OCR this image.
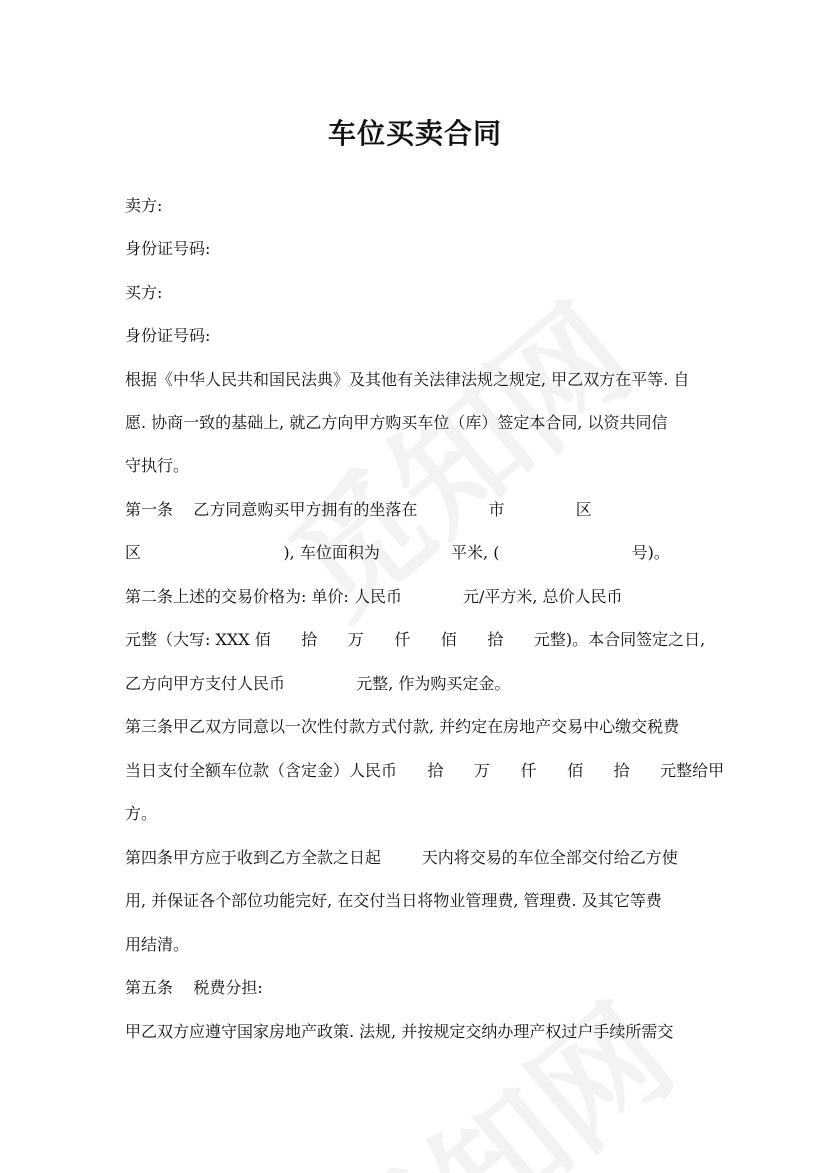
车位买卖合同
卖方:
身份证号码:
买方:
身份证号码:
根据《中华人民共和国民法典》及其他有关法律法规之规定, 甲乙双方在平等. 自
愿. 协商一致的基础上, 就乙方向甲方购买车位（库）签定本合同, 以资共同信
守执行。
第一条    乙方同意购买甲方拥有的坐落在              市              区
区                            ), 车位面积为              平米, (                          号)。
第二条上述的交易价格为: 单价: 人民币            元/平方米, 总价人民币
元整（大写: XXX 佰      拾      万      仟      佰      拾      元整)。本合同签定之日,
乙方向甲方支付人民币              元整, 作为购买定金。
第三条甲乙双方同意以一次性付款方式付款, 并约定在房地产交易中心缴交税费
当日支付全额车位款（含定金）人民币      拾      万      仟      佰      拾      元整给甲
方。
第四条甲方应于收到乙方全款之日起        天内将交易的车位全部交付给乙方使
用, 并保证各个部位功能完好, 在交付当日将物业管理费, 管理费. 及其它等费
用结清。
第五条    税费分担:
甲乙双方应遵守国家房地产政策. 法规, 并按规定交纳办理产权过户手续所需交
